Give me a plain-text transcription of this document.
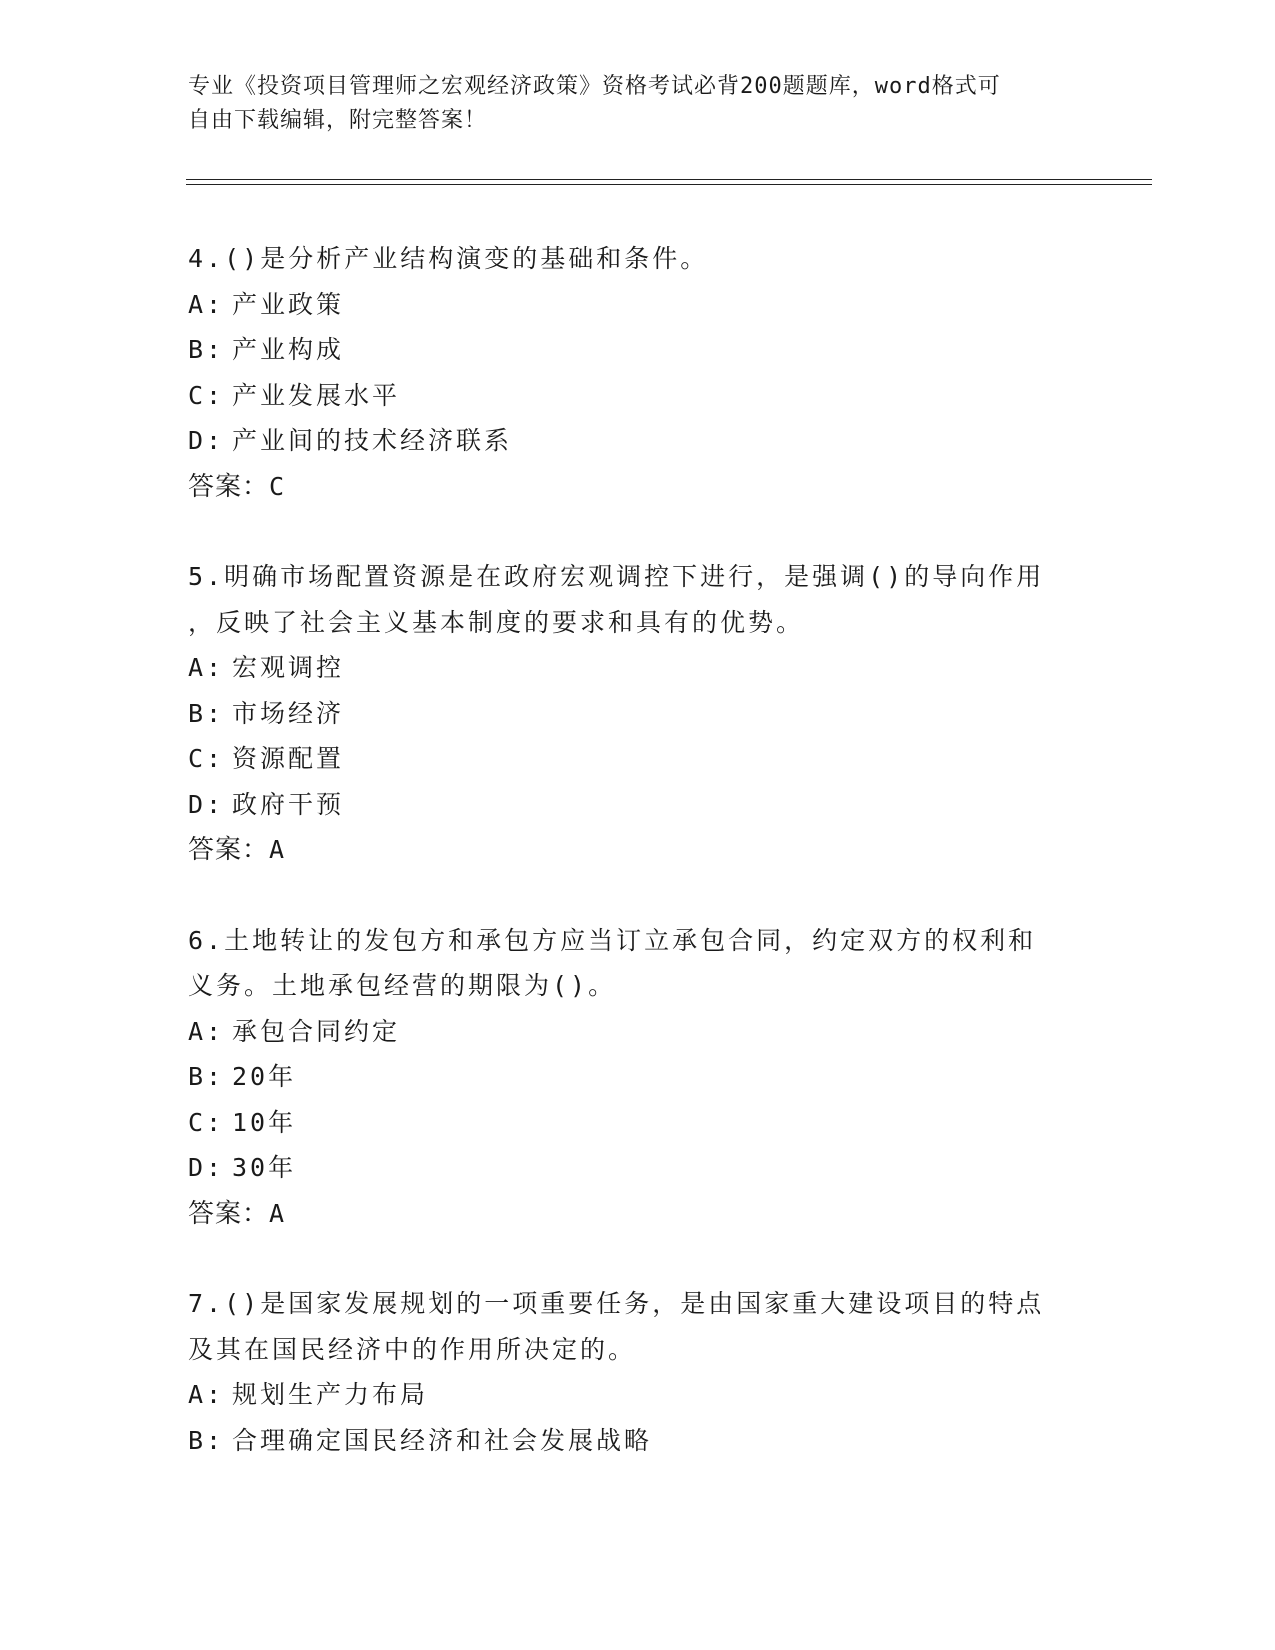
专业《投资项目管理师之宏观经济政策》资格考试必背200题题库，word格式可
自由下载编辑，附完整答案！
4.()是分析产业结构演变的基础和条件。
A: 产业政策
B: 产业构成
C: 产业发展水平
D: 产业间的技术经济联系
答案：C
5.明确市场配置资源是在政府宏观调控下进行，是强调()的导向作用
，反映了社会主义基本制度的要求和具有的优势。
A: 宏观调控
B: 市场经济
C: 资源配置
D: 政府干预
答案：A
6.土地转让的发包方和承包方应当订立承包合同，约定双方的权利和
义务。土地承包经营的期限为()。
A: 承包合同约定
B: 20年
C: 10年
D: 30年
答案：A
7.()是国家发展规划的一项重要任务，是由国家重大建设项目的特点
及其在国民经济中的作用所决定的。
A: 规划生产力布局
B: 合理确定国民经济和社会发展战略
